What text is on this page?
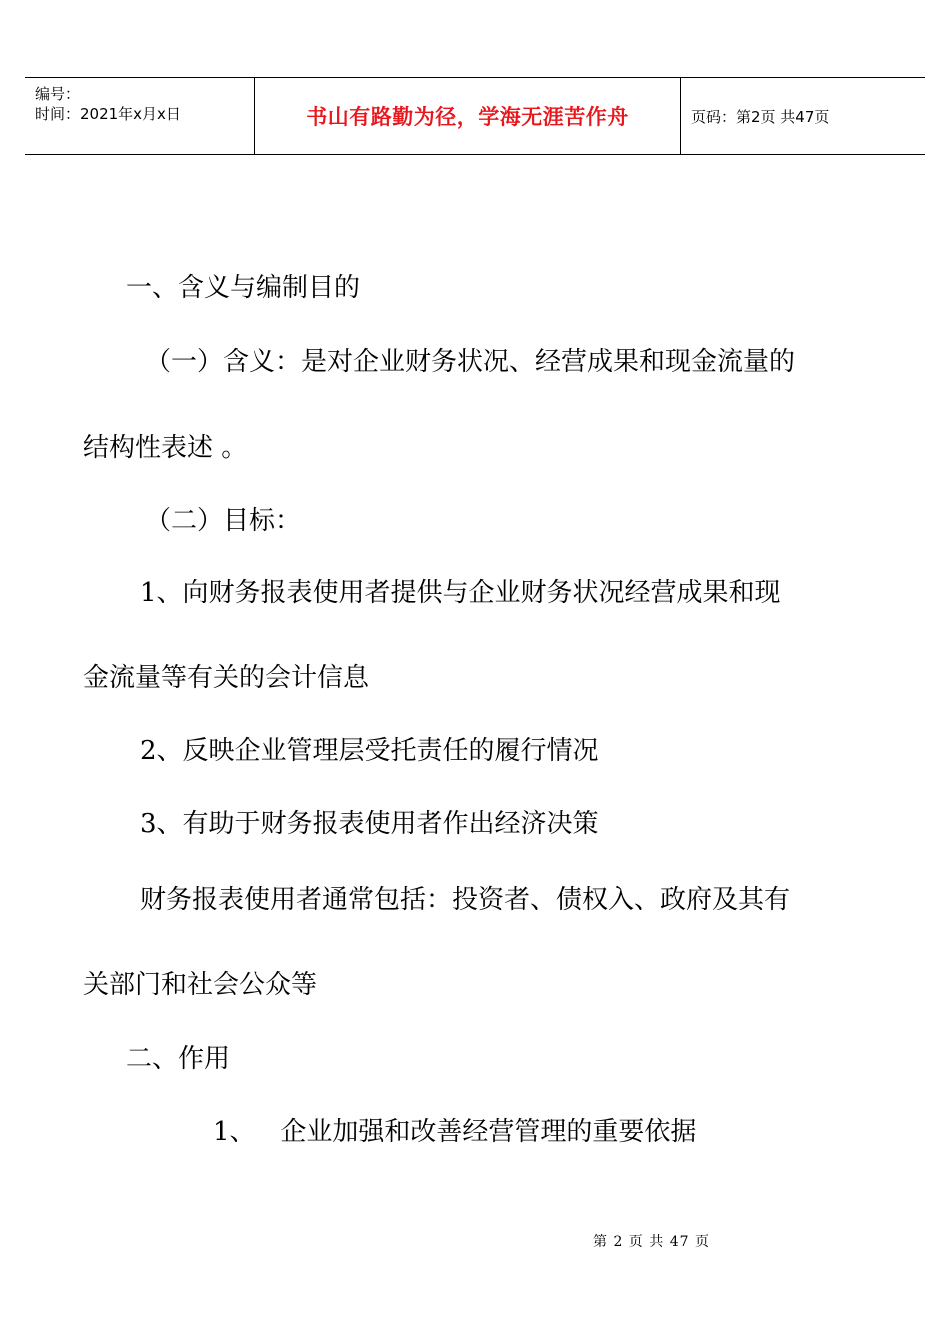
编号：
时间：2021年x月x日	书山有路勤为径，学海无涯苦作舟	页码：第2页 共47页
一、含义与编制目的
（一）含义：是对企业财务状况、经营成果和现金流量的
结构性表述 。
（二）目标：
1、向财务报表使用者提供与企业财务状况经营成果和现
金流量等有关的会计信息
2、反映企业管理层受托责任的履行情况
3、有助于财务报表使用者作出经济决策
财务报表使用者通常包括：投资者、债权入、政府及其有
关部门和社会公众等
二、作用
1、   企业加强和改善经营管理的重要依据
第 2 页 共 47 页
